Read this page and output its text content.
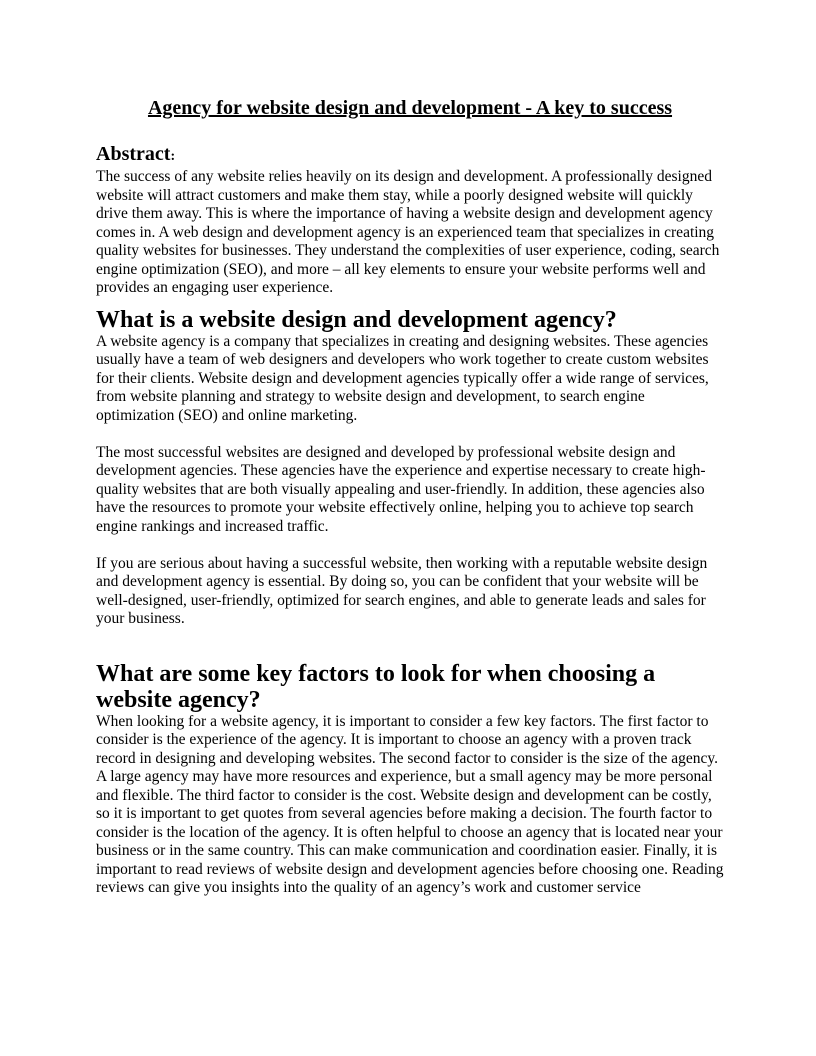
Agency for website design and development - A key to success
Abstract:

The success of any website relies heavily on its design and development. A professionally designed website will attract customers and make them stay, while a poorly designed website will quickly drive them away. This is where the importance of having a website design and development agency comes in. A web design and development agency is an experienced team that specializes in creating quality websites for businesses. They understand the complexities of user experience, coding, search engine optimization (SEO), and more – all key elements to ensure your website performs well and provides an engaging user experience.

What is a website design and development agency?

A website agency is a company that specializes in creating and designing websites. These agencies usually have a team of web designers and developers who work together to create custom websites for their clients. Website design and development agencies typically offer a wide range of services, from website planning and strategy to website design and development, to search engine optimization (SEO) and online marketing.

The most successful websites are designed and developed by professional website design and development agencies. These agencies have the experience and expertise necessary to create high-quality websites that are both visually appealing and user-friendly. In addition, these agencies also have the resources to promote your website effectively online, helping you to achieve top search engine rankings and increased traffic.

If you are serious about having a successful website, then working with a reputable website design and development agency is essential. By doing so, you can be confident that your website will be well-designed, user-friendly, optimized for search engines, and able to generate leads and sales for your business.

What are some key factors to look for when choosing a website agency?

When looking for a website agency, it is important to consider a few key factors. The first factor to consider is the experience of the agency. It is important to choose an agency with a proven track record in designing and developing websites. The second factor to consider is the size of the agency. A large agency may have more resources and experience, but a small agency may be more personal and flexible. The third factor to consider is the cost. Website design and development can be costly, so it is important to get quotes from several agencies before making a decision. The fourth factor to consider is the location of the agency. It is often helpful to choose an agency that is located near your business or in the same country. This can make communication and coordination easier. Finally, it is important to read reviews of website design and development agencies before choosing one. Reading reviews can give you insights into the quality of an agency’s work and customer service
